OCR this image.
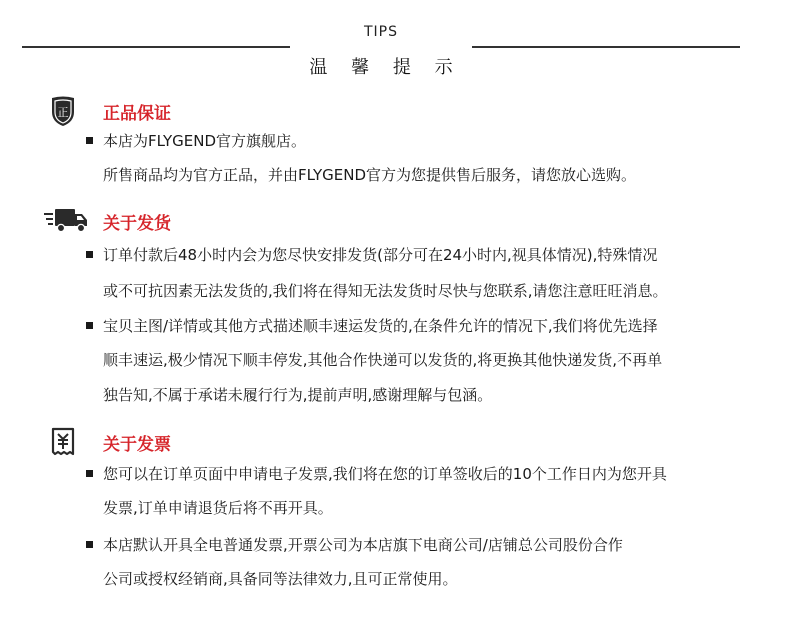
TIPS
温 馨 提 示
正 正品保证
本店为FLYGEND官方旗舰店。
所售商品均为官方正品，并由FLYGEND官方为您提供售后服务，请您放心选购。
关于发货
订单付款后48小时内会为您尽快安排发货(部分可在24小时内,视具体情况),特殊情况
或不可抗因素无法发货的,我们将在得知无法发货时尽快与您联系,请您注意旺旺消息。
宝贝主图/详情或其他方式描述顺丰速运发货的,在条件允许的情况下,我们将优先选择
顺丰速运,极少情况下顺丰停发,其他合作快递可以发货的,将更换其他快递发货,不再单
独告知,不属于承诺未履行行为,提前声明,感谢理解与包涵。
关于发票
您可以在订单页面中申请电子发票,我们将在您的订单签收后的10个工作日内为您开具
发票,订单申请退货后将不再开具。
本店默认开具全电普通发票,开票公司为本店旗下电商公司/店铺总公司股份合作
公司或授权经销商,具备同等法律效力,且可正常使用。
